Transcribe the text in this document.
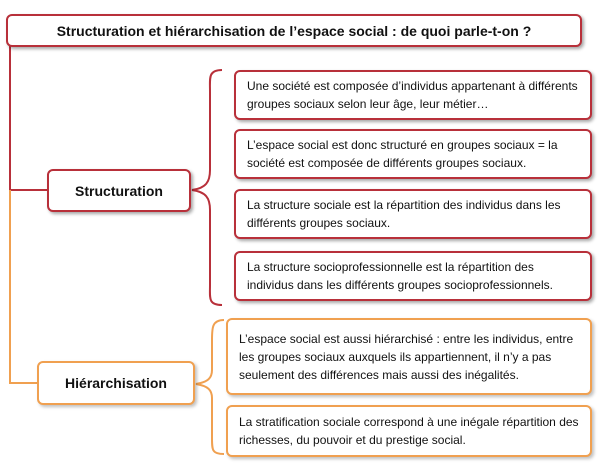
Structuration et hiérarchisation de l’espace social : de quoi parle-t-on ?
Structuration
Hiérarchisation
Une société est composée d’individus appartenant à différents groupes sociaux selon leur âge, leur métier…
L’espace social est donc structuré en groupes sociaux = la société est composée de différents groupes sociaux.
La structure sociale est la répartition des individus dans les différents groupes sociaux.
La structure socioprofessionnelle est la répartition des individus dans les différents groupes socioprofessionnels.
L’espace social est aussi hiérarchisé : entre les individus, entre les groupes sociaux auxquels ils appartiennent, il n’y a pas seulement des différences mais aussi des inégalités.
La stratification sociale correspond à une inégale répartition des richesses, du pouvoir et du prestige social.
